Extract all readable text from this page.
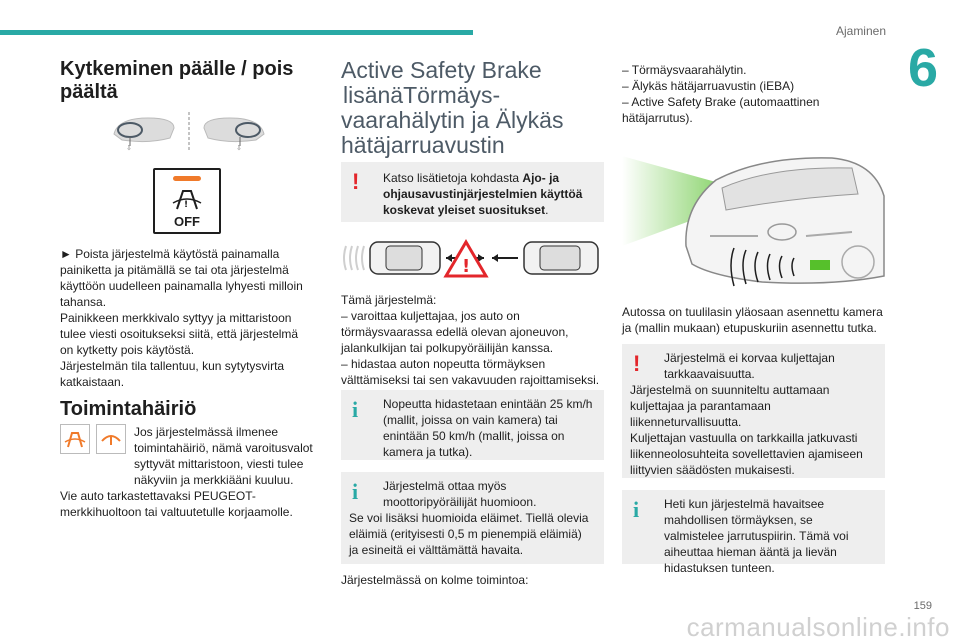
Ajaminen
6
Kytkeminen päälle / pois päältä
⇩	⇩
!
OFF

► Poista järjestelmä käytöstä painamalla painiketta ja pitämällä se tai ota järjestelmä käyttöön uudelleen painamalla lyhyesti milloin tahansa.

Painikkeen merkkivalo syttyy ja mittaristoon tulee viesti osoitukseksi siitä, että järjestelmä on kytketty pois käytöstä.

Järjestelmän tila tallentuu, kun sytytysvirta katkaistaan.

Toimintahäiriö

Jos järjestelmässä ilmenee toimintahäiriö, nämä varoitusvalot syttyvät mittaristoon, viesti tulee näkyviin ja merkkiääni kuuluu.

Vie auto tarkastettavaksi PEUGEOT-merkkihuoltoon tai valtuutetulle korjaamolle.

Active Safety Brake
lisänäTörmäys-
vaarahälytin ja Älykäs
hätäjarruavustin
!	Katso lisätietoja kohdasta Ajo- ja ohjausavustinjärjestelmien käyttöä koskevat yleiset suositukset.
!

Tämä järjestelmä:

– varoittaa kuljettajaa, jos auto on törmäysvaarassa edellä olevan ajoneuvon, jalankulkijan tai polkupyöräilijän kanssa.

– hidastaa auton nopeutta törmäyksen välttämiseksi tai sen vakavuuden rajoittamiseksi.

i	Nopeutta hidastetaan enintään 25 km/h (mallit, joissa on vain kamera) tai enintään 50 km/h (mallit, joissa on kamera ja tutka).
i	Järjestelmä ottaa myös moottoripyöräilijät huomioon.
Se voi lisäksi huomioida eläimet. Tiellä olevia eläimiä (erityisesti 0,5 m pienempiä eläimiä) ja esineitä ei välttämättä havaita.

Järjestelmässä on kolme toimintoa:

– Törmäysvaarahälytin.

– Älykäs hätäjarruavustin (iEBA)

– Active Safety Brake (automaattinen hätäjarrutus).

Autossa on tuulilasin yläosaan asennettu kamera ja (mallin mukaan) etupuskuriin asennettu tutka.

!	Järjestelmä ei korvaa kuljettajan tarkkaavaisuutta.
Järjestelmä on suunniteltu auttamaan kuljettajaa ja parantamaan liikenneturvallisuutta.
Kuljettajan vastuulla on tarkkailla jatkuvasti liikenneolosuhteita sovellettavien ajamiseen liittyvien säädösten mukaisesti.
i	Heti kun järjestelmä havaitsee mahdollisen törmäyksen, se valmistelee jarrutuspiirin. Tämä voi aiheuttaa hieman ääntä ja lievän hidastuksen tunteen.
159
carmanualsonline.info
